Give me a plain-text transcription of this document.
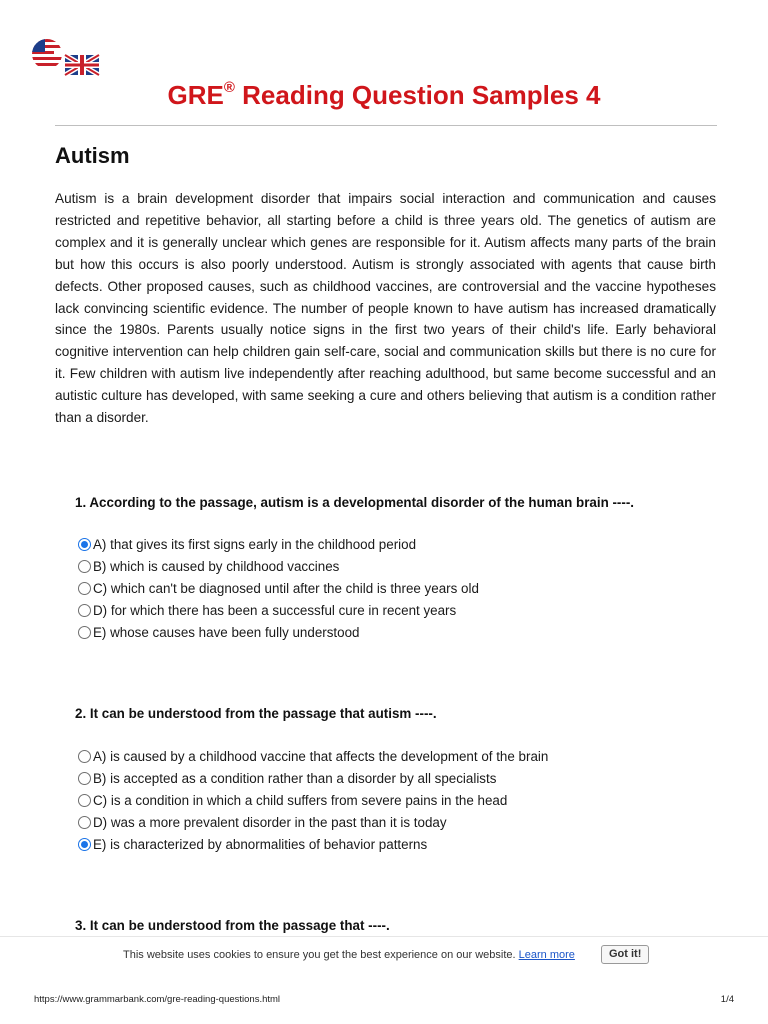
GRE® Reading Question Samples 4
Autism

Autism is a brain development disorder that impairs social interaction and communication and causes restricted and repetitive behavior, all starting before a child is three years old. The genetics of autism are complex and it is generally unclear which genes are responsible for it. Autism affects many parts of the brain but how this occurs is also poorly understood. Autism is strongly associated with agents that cause birth defects. Other proposed causes, such as childhood vaccines, are controversial and the vaccine hypotheses lack convincing scientific evidence. The number of people known to have autism has increased dramatically since the 1980s. Parents usually notice signs in the first two years of their child's life. Early behavioral cognitive intervention can help children gain self-care, social and communication skills but there is no cure for it. Few children with autism live independently after reaching adulthood, but same become successful and an autistic culture has developed, with same seeking a cure and others believing that autism is a condition rather than a disorder.

1. According to the passage, autism is a developmental disorder of the human brain ----.

A) that gives its first signs early in the childhood period
B) which is caused by childhood vaccines
C) which can't be diagnosed until after the child is three years old
D) for which there has been a successful cure in recent years
E) whose causes have been fully understood

2. It can be understood from the passage that autism ----.

A) is caused by a childhood vaccine that affects the development of the brain
B) is accepted as a condition rather than a disorder by all specialists
C) is a condition in which a child suffers from severe pains in the head
D) was a more prevalent disorder in the past than it is today
E) is characterized by abnormalities of behavior patterns

3. It can be understood from the passage that ----.

This website uses cookies to ensure you get the best experience on our website. Learn more	Got it!
https://www.grammarbank.com/gre-reading-questions.html	1/4
